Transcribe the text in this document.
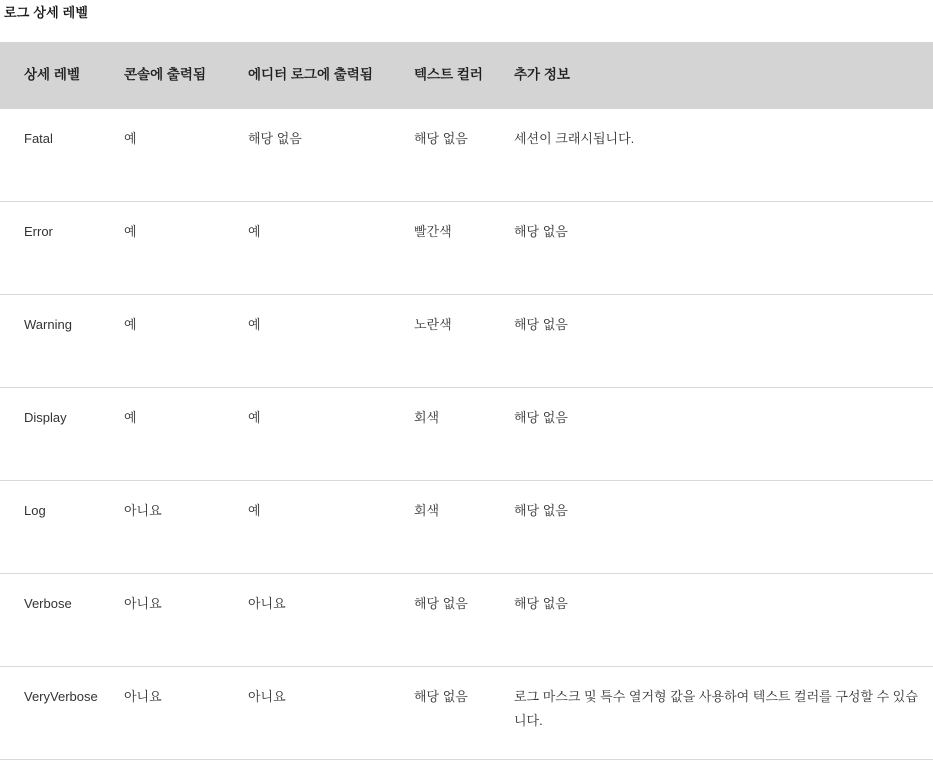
로그 상세 레벨
상세 레벨	콘솔에 출력됨	에디터 로그에 출력됨	텍스트 컬러	추가 정보

Fatal	예	해당 없음	해당 없음	세션이 크래시됩니다.
Error	예	예	빨간색	해당 없음
Warning	예	예	노란색	해당 없음
Display	예	예	회색	해당 없음
Log	아니요	예	회색	해당 없음
Verbose	아니요	아니요	해당 없음	해당 없음
VeryVerbose	아니요	아니요	해당 없음	로그 마스크 및 특수 열거형 값을 사용하여 텍스트 컬러를 구성할 수 있습니다.
